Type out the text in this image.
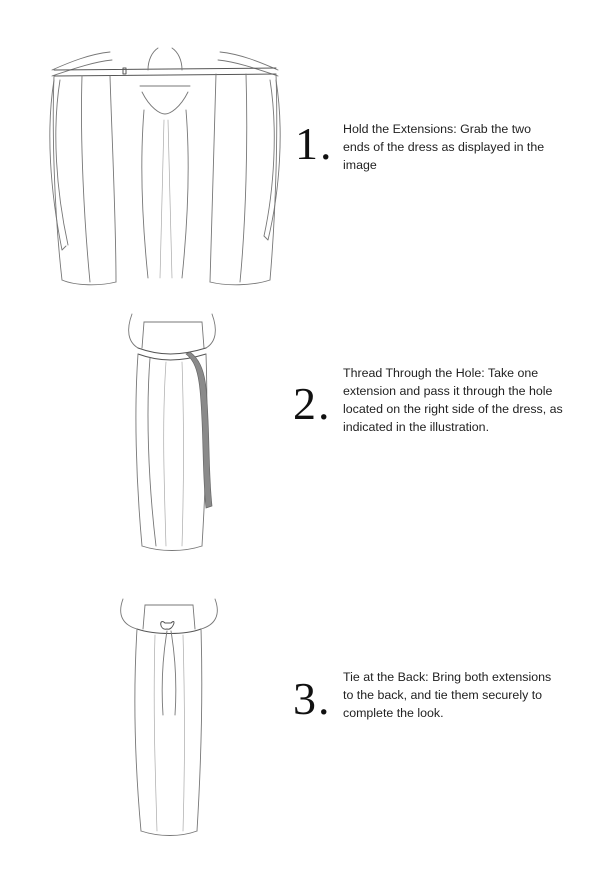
1. Hold the Extensions: Grab the two ends of the dress as displayed in the image
2.
Thread Through the Hole: Take one extension and pass it through the hole located on the right side of the dress, as indicated in the illustration.
3. Tie at the Back: Bring both extensions to the back, and tie them securely to complete the look.
